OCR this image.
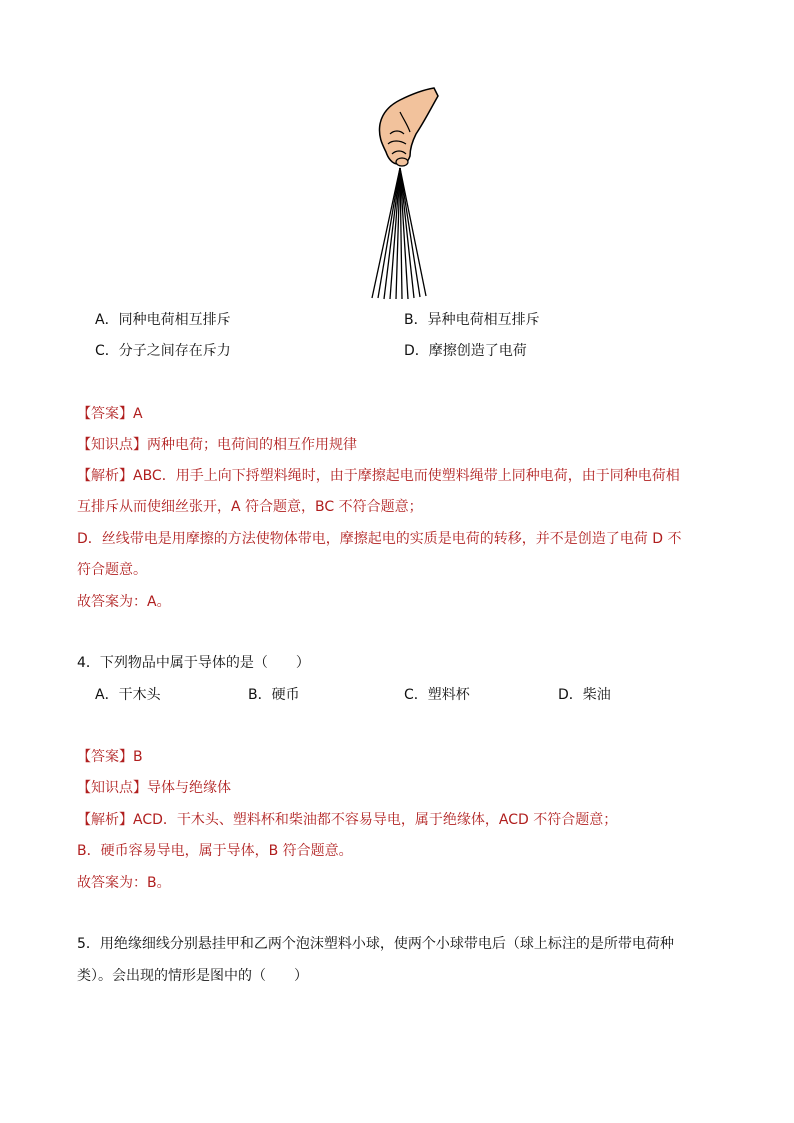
A．同种电荷相互排斥	B．异种电荷相互排斥
C．分子之间存在斥力	D．摩擦创造了电荷
【答案】A
【知识点】两种电荷；电荷间的相互作用规律
【解析】ABC．用手上向下捋塑料绳时，由于摩擦起电而使塑料绳带上同种电荷，由于同种电荷相
互排斥从而使细丝张开，A 符合题意，BC 不符合题意；
D．丝线带电是用摩擦的方法使物体带电，摩擦起电的实质是电荷的转移，并不是创造了电荷 D 不
符合题意。
故答案为：A。
4．下列物品中属于导体的是（　　）
A．干木头	B．硬币	C．塑料杯	D．柴油
【答案】B
【知识点】导体与绝缘体
【解析】ACD．干木头、塑料杯和柴油都不容易导电，属于绝缘体，ACD 不符合题意；
B．硬币容易导电，属于导体，B 符合题意。
故答案为：B。
5．用绝缘细线分别悬挂甲和乙两个泡沫塑料小球，使两个小球带电后（球上标注的是所带电荷种
类）。会出现的情形是图中的（　　）
